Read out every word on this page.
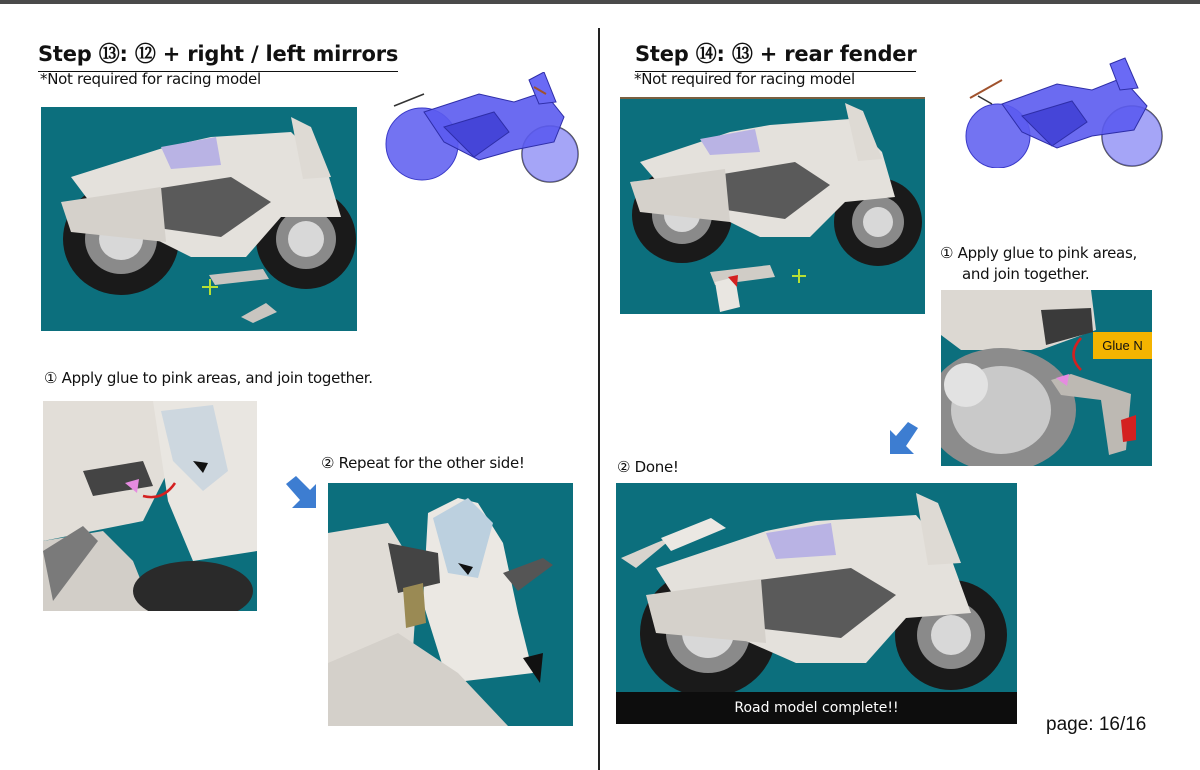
Step ⑬: ⑫ + right / left mirrors
*Not required for racing model
① Apply glue to pink areas, and join together.
② Repeat for the other side!
Step ⑭: ⑬ + rear fender
*Not required for racing model
① Apply glue to pink areas,
and join together.
Glue N
② Done!
Road model complete!!
page: 16/16
